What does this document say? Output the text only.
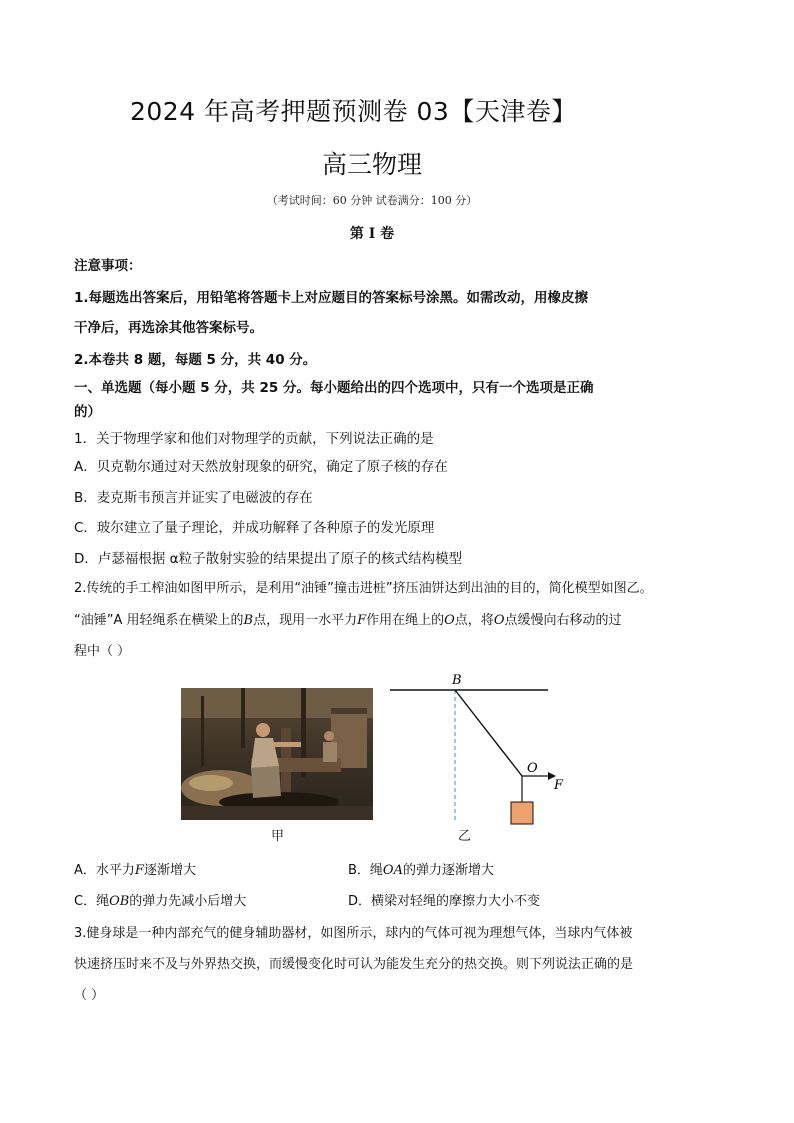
2024 年高考押题预测卷 03【天津卷】
高三物理
（考试时间：60 分钟 试卷满分：100 分）
第 I 卷
注意事项：
1.每题选出答案后，用铅笔将答题卡上对应题目的答案标号涂黑。如需改动，用橡皮擦
干净后，再选涂其他答案标号。
2.本卷共 8 题，每题 5 分，共 40 分。
一、单选题（每小题 5 分，共 25 分。每小题给出的四个选项中，只有一个选项是正确
的）
1．关于物理学家和他们对物理学的贡献，下列说法正确的是
A．贝克勒尔通过对天然放射现象的研究，确定了原子核的存在
B．麦克斯韦预言并证实了电磁波的存在
C．玻尔建立了量子理论，并成功解释了各种原子的发光原理
D．卢瑟福根据 α粒子散射实验的结果提出了原子的核式结构模型
2.传统的手工榨油如图甲所示，是利用“油锤”撞击进桩”挤压油饼达到出油的目的，简化模型如图乙。
“油锤”A 用轻绳系在横梁上的B点，现用一水平力F作用在绳上的O点，将O点缓慢向右移动的过
程中（ ）
甲
B
O
F
乙
A．水平力F逐渐增大	B．绳OA的弹力逐渐增大
C．绳OB的弹力先减小后增大	D．横梁对轻绳的摩擦力大小不变
3.健身球是一种内部充气的健身辅助器材，如图所示，球内的气体可视为理想气体，当球内气体被
快速挤压时来不及与外界热交换，而缓慢变化时可认为能发生充分的热交换。则下列说法正确的是
（ ）
